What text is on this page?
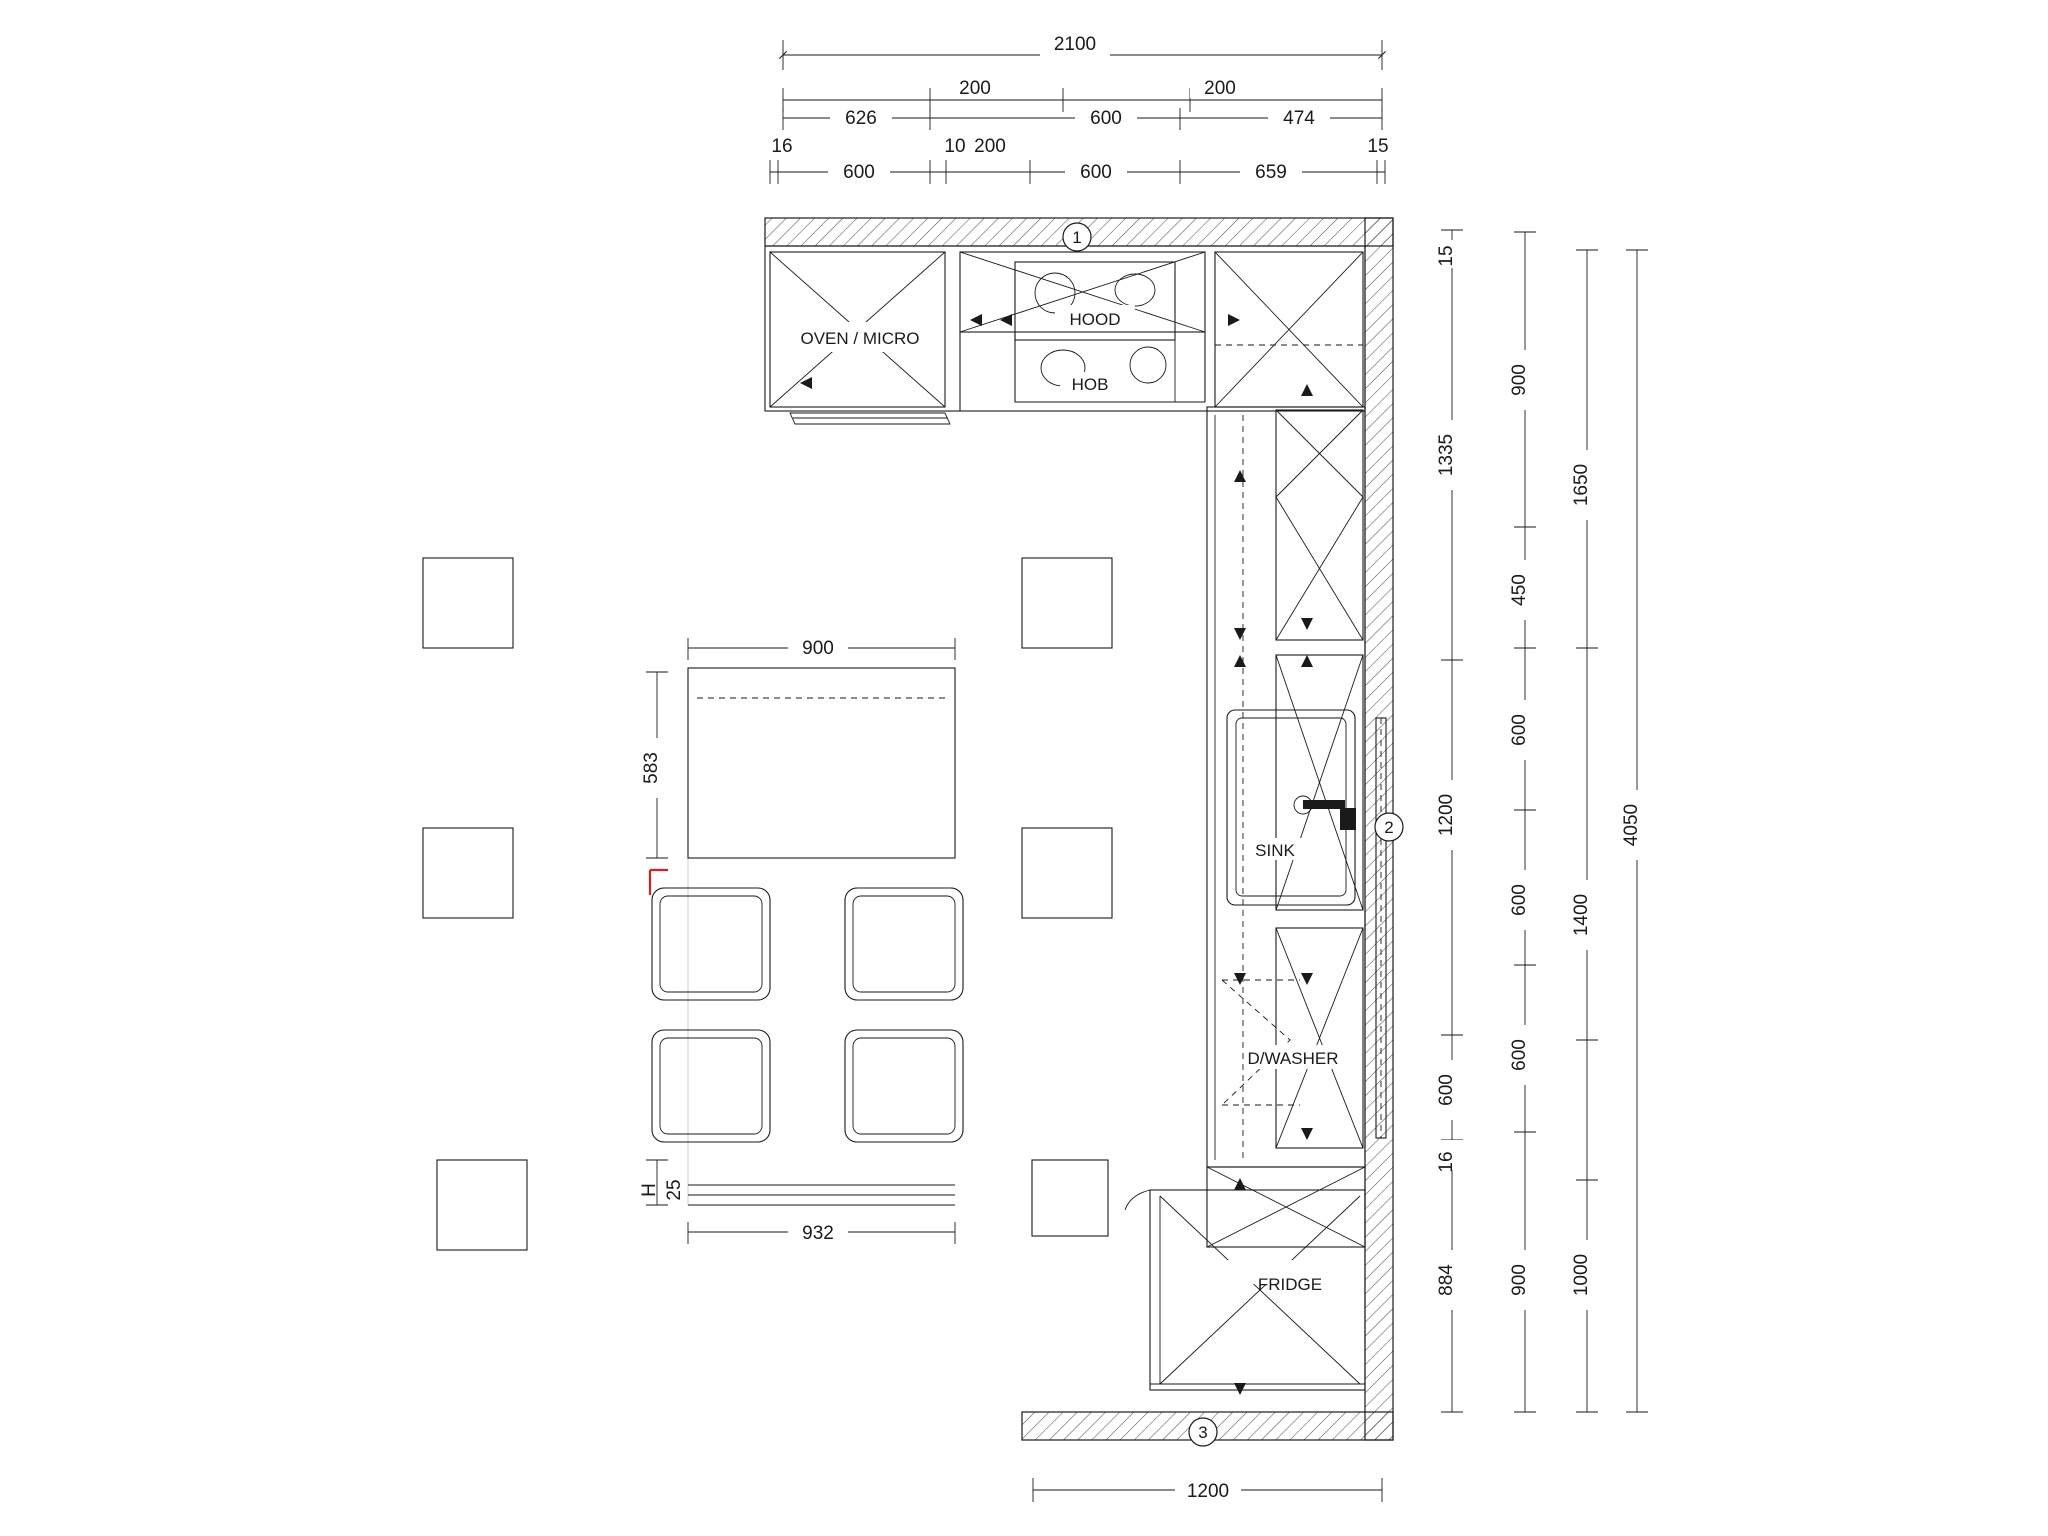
2100
200	200
626	600	474
16	10 200	15
600	600	659
OVEN / MICRO
HOOD
HOB
SINK
D/WASHER
FRIDGE
1
2
3
900
583
25
H
932
15
1335
1200
600
16
884
900
450
600
600
600
900
1650
1400
1000
4050
1200
